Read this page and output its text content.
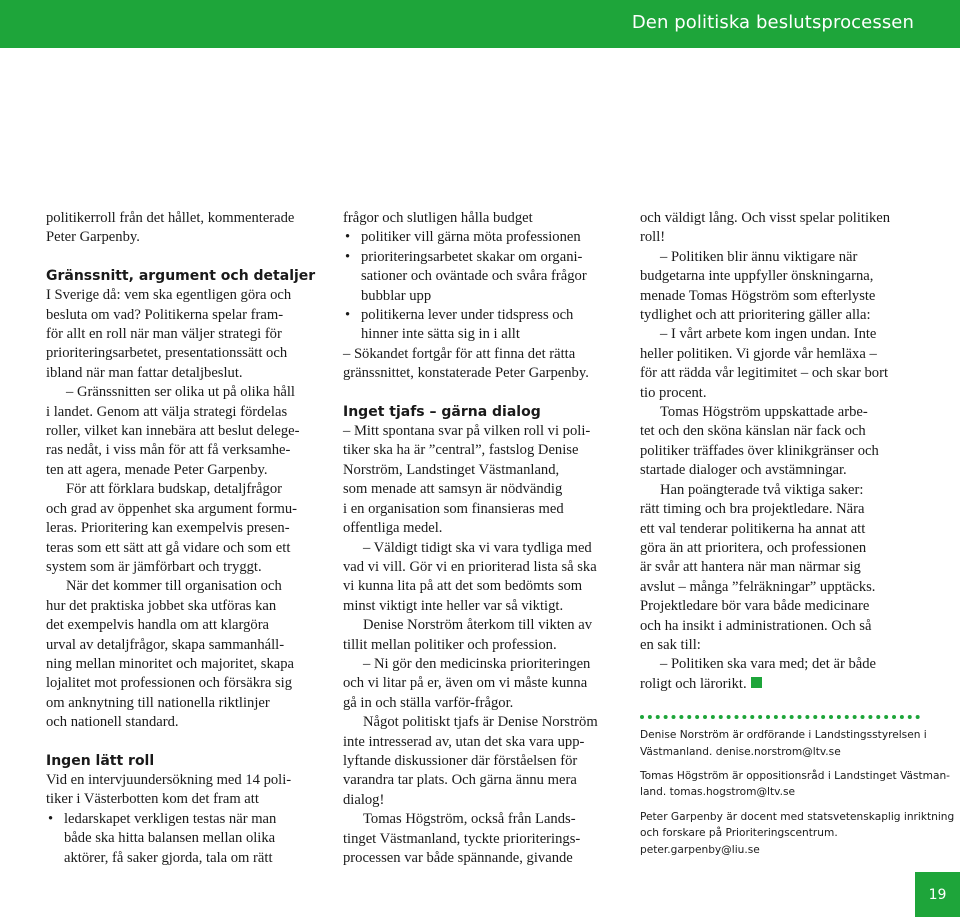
Den politiska beslutsprocessen

politikerroll från det hållet, kommenterade
Peter Garpenby.

Gränssnitt, argument och detaljer

I Sverige då: vem ska egentligen göra och
besluta om vad? Politikerna spelar fram-
för allt en roll när man väljer strategi för
prioriteringsarbetet, presentationssätt och
ibland när man fattar detaljbeslut.

– Gränssnitten ser olika ut på olika håll
i landet. Genom att välja strategi fördelas
roller, vilket kan innebära att beslut delege-
ras nedåt, i viss mån för att få verksamhe-
ten att agera, menade Peter Garpenby.

För att förklara budskap, detaljfrågor
och grad av öppenhet ska argument formu-
leras. Prioritering kan exempelvis presen-
teras som ett sätt att gå vidare och som ett
system som är jämförbart och tryggt.

När det kommer till organisation och
hur det praktiska jobbet ska utföras kan
det exempelvis handla om att klargöra
urval av detaljfrågor, skapa sammanháll-
ning mellan minoritet och majoritet, skapa
lojalitet mot professionen och försäkra sig
om anknytning till nationella riktlinjer
och nationell standard.

Ingen lätt roll

Vid en intervjuundersökning med 14 poli-
tiker i Västerbotten kom det fram att

• ledarskapet verkligen testas när man
både ska hitta balansen mellan olika
aktörer, få saker gjorda, tala om rätt

frågor och slutligen hålla budget

• politiker vill gärna möta professionen
• prioriteringsarbetet skakar om organi-
sationer och oväntade och svåra frågor
bubblar upp
• politikerna lever under tidspress och
hinner inte sätta sig in i allt

– Sökandet fortgår för att finna det rätta
gränssnittet, konstaterade Peter Garpenby.

Inget tjafs – gärna dialog

– Mitt spontana svar på vilken roll vi poli-
tiker ska ha är ”central”, fastslog Denise
Norström, Landstinget Västmanland,
som menade att samsyn är nödvändig
i en organisation som finansieras med
offentliga medel.

– Väldigt tidigt ska vi vara tydliga med
vad vi vill. Gör vi en prioriterad lista så ska
vi kunna lita på att det som bedömts som
minst viktigt inte heller var så viktigt.

Denise Norström återkom till vikten av
tillit mellan politiker och profession.

– Ni gör den medicinska prioriteringen
och vi litar på er, även om vi måste kunna
gå in och ställa varför-frågor.

Något politiskt tjafs är Denise Norström
inte intresserad av, utan det ska vara upp-
lyftande diskussioner där förståelsen för
varandra tar plats. Och gärna ännu mera
dialog!

Tomas Högström, också från Lands-
tinget Västmanland, tyckte prioriterings-
processen var både spännande, givande

och väldigt lång. Och visst spelar politiken
roll!

– Politiken blir ännu viktigare när
budgetarna inte uppfyller önskningarna,
menade Tomas Högström som efterlyste
tydlighet och att prioritering gäller alla:

– I vårt arbete kom ingen undan. Inte
heller politiken. Vi gjorde vår hemläxa –
för att rädda vår legitimitet – och skar bort
tio procent.

Tomas Högström uppskattade arbe-
tet och den sköna känslan när fack och
politiker träffades över klinikgränser och
startade dialoger och avstämningar.

Han poängterade två viktiga saker:
rätt timing och bra projektledare. Nära
ett val tenderar politikerna ha annat att
göra än att prioritera, och professionen
är svår att hantera när man närmar sig
avslut – många ”felräkningar” upptäcks.
Projektledare bör vara både medicinare
och ha insikt i administrationen. Och så
en sak till:

– Politiken ska vara med; det är både
roligt och lärorikt.

Denise Norström är ordförande i Landstingsstyrelsen i
Västmanland. denise.norstrom@ltv.se

Tomas Högström är oppositionsråd i Landstinget Västman-
land. tomas.hogstrom@ltv.se

Peter Garpenby är docent med statsvetenskaplig inriktning
och forskare på Prioriteringscentrum.
peter.garpenby@liu.se

19
